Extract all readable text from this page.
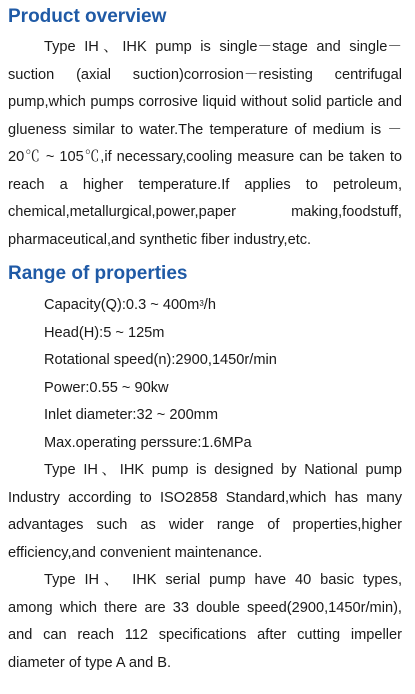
Product overview

Type IH、IHK pump is single－stage and single－suction (axial suction)corrosion－resisting centrifugal pump,which pumps corrosive liquid without solid particle and glueness similar to water.The temperature of medium is －20℃ ~ 105℃,if necessary,cooling measure can be taken to reach a higher temperature.If applies to petroleum, chemical,metallurgical,power,paper making,foodstuff, pharmaceutical,and synthetic fiber industry,etc.

Range of properties
Capacity(Q):0.3 ~ $400m^3/h$
Head(H):5 ~ 125m
Rotational speed(n):2900,1450r/min
Power:0.55 ~ 90kw
Inlet diameter:32 ~ 200mm
Max.operating perssure:1.6MPa

Type IH、IHK pump is designed by National pump Industry according to ISO2858 Standard,which has many advantages such as wider range of properties,higher efficiency,and convenient maintenance.

Type IH、 IHK serial pump have 40 basic types, among which there are 33 double speed(2900,1450r/min), and can reach 112 specifications after cutting impeller diameter of type A and B.
